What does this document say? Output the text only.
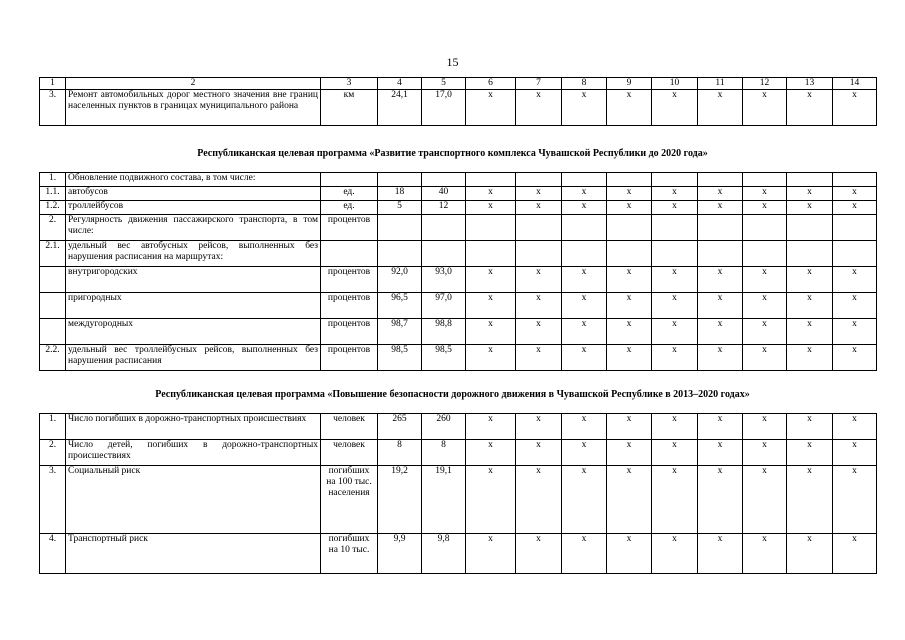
15
1	2	3	4	5	6	7	8	9	10	11	12	13	14
3.	Ремонт автомобильных дорог местного значения вне границ населенных пунктов в границах муниципального района	км	24,1	17,0	х	х	х	х	х	х	х	х	х
Республиканская целевая программа «Развитие транспортного комплекса Чувашской Республики до 2020 года»
1.	Обновление подвижного состава, в том числе:												
1.1.	автобусов	ед.	18	40	х	х	х	х	х	х	х	х	х
1.2.	троллейбусов	ед.	5	12	х	х	х	х	х	х	х	х	х
2.	Регулярность движения пассажирского транспорта, в том числе:	процентов											
2.1.	удельный вес автобусных рейсов, выполненных без нарушения расписания на маршрутах:												
	внутригородских	процентов	92,0	93,0	х	х	х	х	х	х	х	х	х
	пригородных	процентов	96,5	97,0	х	х	х	х	х	х	х	х	х
	междугородных	процентов	98,7	98,8	х	х	х	х	х	х	х	х	х
2.2.	удельный вес троллейбусных рейсов, выполненных без нарушения расписания	процентов	98,5	98,5	х	х	х	х	х	х	х	х	х
Республиканская целевая программа «Повышение безопасности дорожного движения в Чувашской Республике в 2013–2020 годах»
1.	Число погибших в дорожно-транспортных происшествиях	человек	265	260	х	х	х	х	х	х	х	х	х
2.	Число детей, погибших в дорожно-транспортных происшествиях	человек	8	8	х	х	х	х	х	х	х	х	х
3.	Социальный риск	погибших на 100 тыс. населения	19,2	19,1	х	х	х	х	х	х	х	х	х
4.	Транспортный риск	погибших на 10 тыс.	9,9	9,8	х	х	х	х	х	х	х	х	х
